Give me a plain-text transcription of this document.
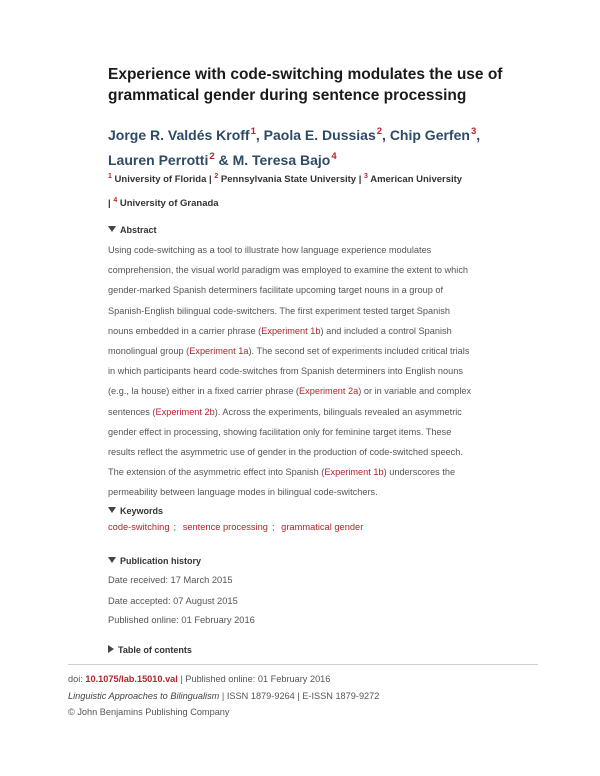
Experience with code-switching modulates the use of
grammatical gender during sentence processing
Jorge R. Valdés Kroff$^1$, Paola E. Dussias$^2$, Chip Gerfen$^3$,
Lauren Perrotti$^2$ & M. Teresa Bajo$^4$
$^1$ University of Florida | $^2$ Pennsylvania State University | $^3$ American University
| $^4$ University of Granada
Abstract
Using code-switching as a tool to illustrate how language experience modulates
comprehension, the visual world paradigm was employed to examine the extent to which
gender-marked Spanish determiners facilitate upcoming target nouns in a group of
Spanish-English bilingual code-switchers. The first experiment tested target Spanish
nouns embedded in a carrier phrase (Experiment 1b) and included a control Spanish
monolingual group (Experiment 1a). The second set of experiments included critical trials
in which participants heard code-switches from Spanish determiners into English nouns
(e.g., la house) either in a fixed carrier phrase (Experiment 2a) or in variable and complex
sentences (Experiment 2b). Across the experiments, bilinguals revealed an asymmetric
gender effect in processing, showing facilitation only for feminine target items. These
results reflect the asymmetric use of gender in the production of code-switched speech.
The extension of the asymmetric effect into Spanish (Experiment 1b) underscores the
permeability between language modes in bilingual code-switchers.
Keywords
code-switching ; sentence processing ; grammatical gender
Publication history
Date received: 17 March 2015
Date accepted: 07 August 2015
Published online: 01 February 2016
Table of contents
doi: 10.1075/lab.15010.val | Published online: 01 February 2016
Linguistic Approaches to Bilingualism | ISSN 1879-9264 | E-ISSN 1879-9272
© John Benjamins Publishing Company
